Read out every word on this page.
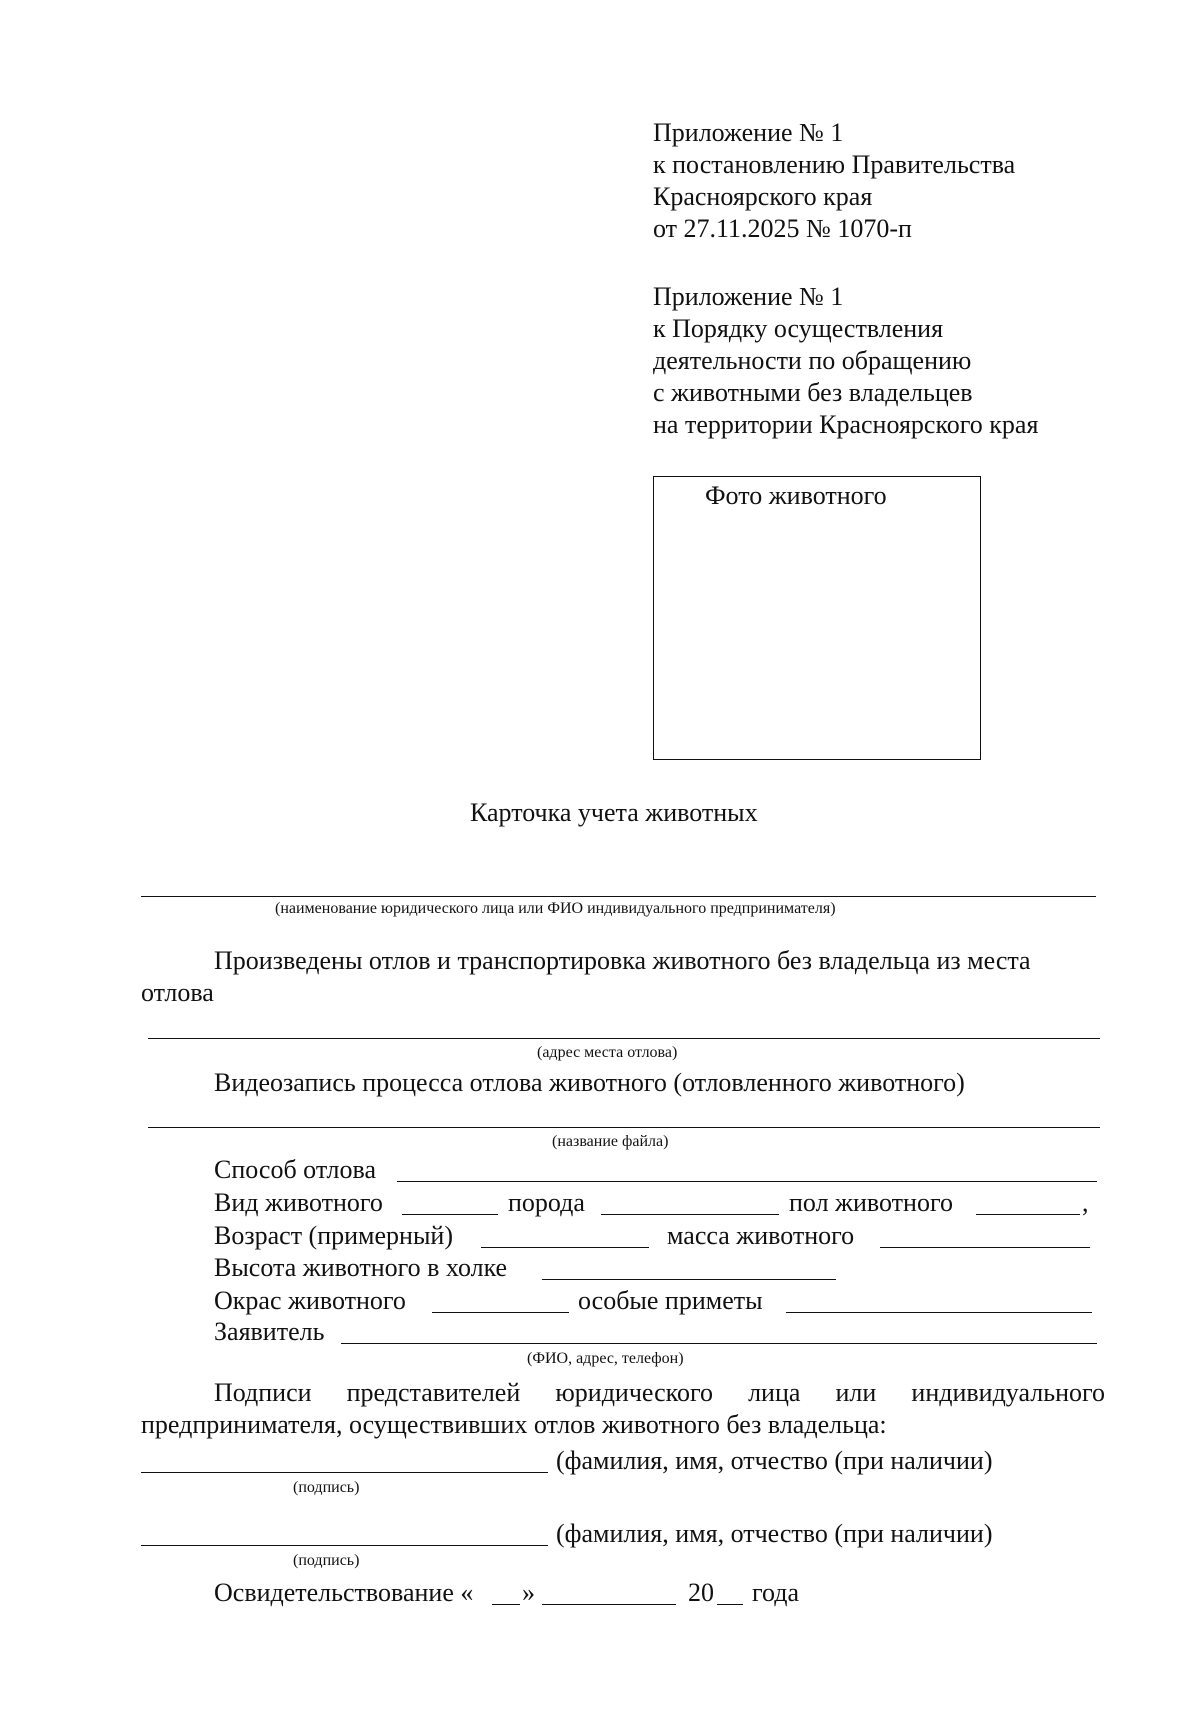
Приложение № 1
к постановлению Правительства
Красноярского края
от 27.11.2025 № 1070-п
Приложение № 1
к Порядку осуществления
деятельности по обращению
с животными без владельцев
на территории Красноярского края
Фото животного
Карточка учета животных
(наименование юридического лица или ФИО индивидуального предпринимателя)
Произведены отлов и транспортировка животного без владельца из места
отлова
(адрес места отлова)
Видеозапись процесса отлова животного (отловленного животного)
(название файла)
Способ отлова
Вид животного	порода	пол животного	,
Возраст (примерный)	масса животного
Высота животного в холке
Окрас животного	особые приметы
Заявитель
(ФИО, адрес, телефон)
Подписи представителей юридического лица или индивидуального
предпринимателя, осуществивших отлов животного без владельца:
(фамилия, имя, отчество (при наличии)
(подпись)
(фамилия, имя, отчество (при наличии)
(подпись)
Освидетельствование « »	20 года
